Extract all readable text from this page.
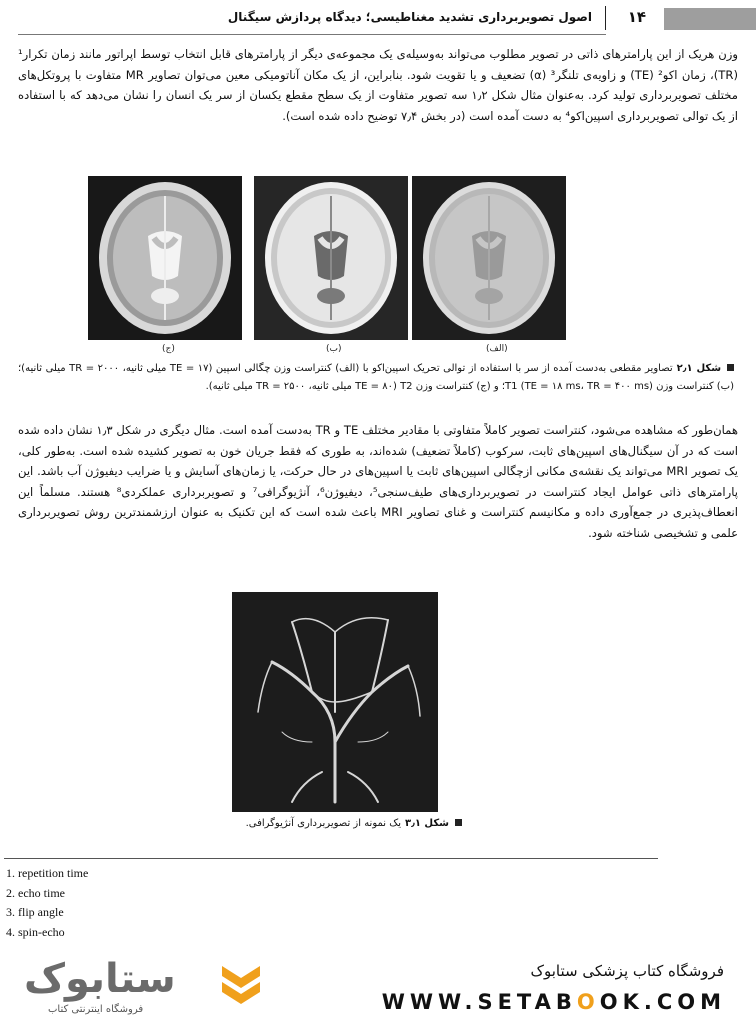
۱۴
اصول تصویربرداری تشدید مغناطیسی؛ دیدگاه پردازش سیگنال
وزن هریک از این پارامترهای ذاتی در تصویر مطلوب می‌تواند به‌وسیله‌ی یک مجموعه‌ی دیگر از پارامترهای قابل انتخاب توسط اپراتور مانند زمان تکرار¹ (TR)، زمان اکو² (TE) و زاویه‌ی تلنگر³ (α) تضعیف و یا تقویت شود. بنابراین، از یک مکان آناتومیکی معین می‌توان تصاویر MR متفاوت با پروتکل‌های مختلف تصویربرداری تولید کرد. به‌عنوان مثال شکل ۱٫۲ سه تصویر متفاوت از یک سطح مقطع یکسان از سر یک انسان را نشان می‌دهد که با استفاده از یک توالی تصویربرداری اسپین‌اکو⁴ به دست آمده است (در بخش ۷٫۴ توضیح داده شده است).
(ج)	(ب)	(الف)
شکل ۲٫۱تصاویر مقطعی به‌دست آمده از سر با استفاده از توالی تحریک اسپین‌اکو با (الف) کنتراست وزن چگالی اسپین (TE = ۱۷ میلی ثانیه، TR = ۲۰۰۰ میلی ثانیه)؛ (ب) کنتراست وزن T1 (TE = ۱۸ ms، TR = ۴۰۰ ms)؛ و (ج) کنتراست وزن T2 (TE = ۸۰ میلی ثانیه، TR = ۲۵۰۰ میلی ثانیه).
همان‌طور که مشاهده می‌شود، کنتراست تصویر کاملاً متفاوتی با مقادیر مختلف TE و TR به‌دست آمده است. مثال دیگری در شکل ۱٫۳ نشان داده شده است که در آن سیگنال‌های اسپین‌های ثابت، سرکوب (کاملاً تضعیف) شده‌اند، به طوری که فقط جریان خون به تصویر کشیده شده است. به‌طور کلی، یک تصویر MRI می‌تواند یک نقشه‌ی مکانی ازچگالی اسپین‌های ثابت یا اسپین‌های در حال حرکت، یا زمان‌های آسایش و یا ضرایب دیفیوژن آب باشد. این پارامترهای ذاتی عوامل ایجاد کنتراست در تصویربرداری‌های طیف‌سنجی⁵، دیفیوژن⁶، آنژیوگرافی⁷ و تصویربرداری عملکردی⁸ هستند. مسلماً این انعطاف‌پذیری در جمع‌آوری داده و مکانیسم کنتراست و غنای تصاویر MRI باعث شده است که این تکنیک به عنوان ارزشمندترین روش تصویربرداری علمی و تشخیصی شناخته شود.
شکل ۳٫۱یک نمونه از تصویربرداری آنژیوگرافی.
1. repetition time
2. echo time
3. flip angle
4. spin-echo
ستابوک
فروشگاه اینترنتی کتاب
فروشگاه کتاب پزشکی ستابوک
WWW.SETABOOK.COM
